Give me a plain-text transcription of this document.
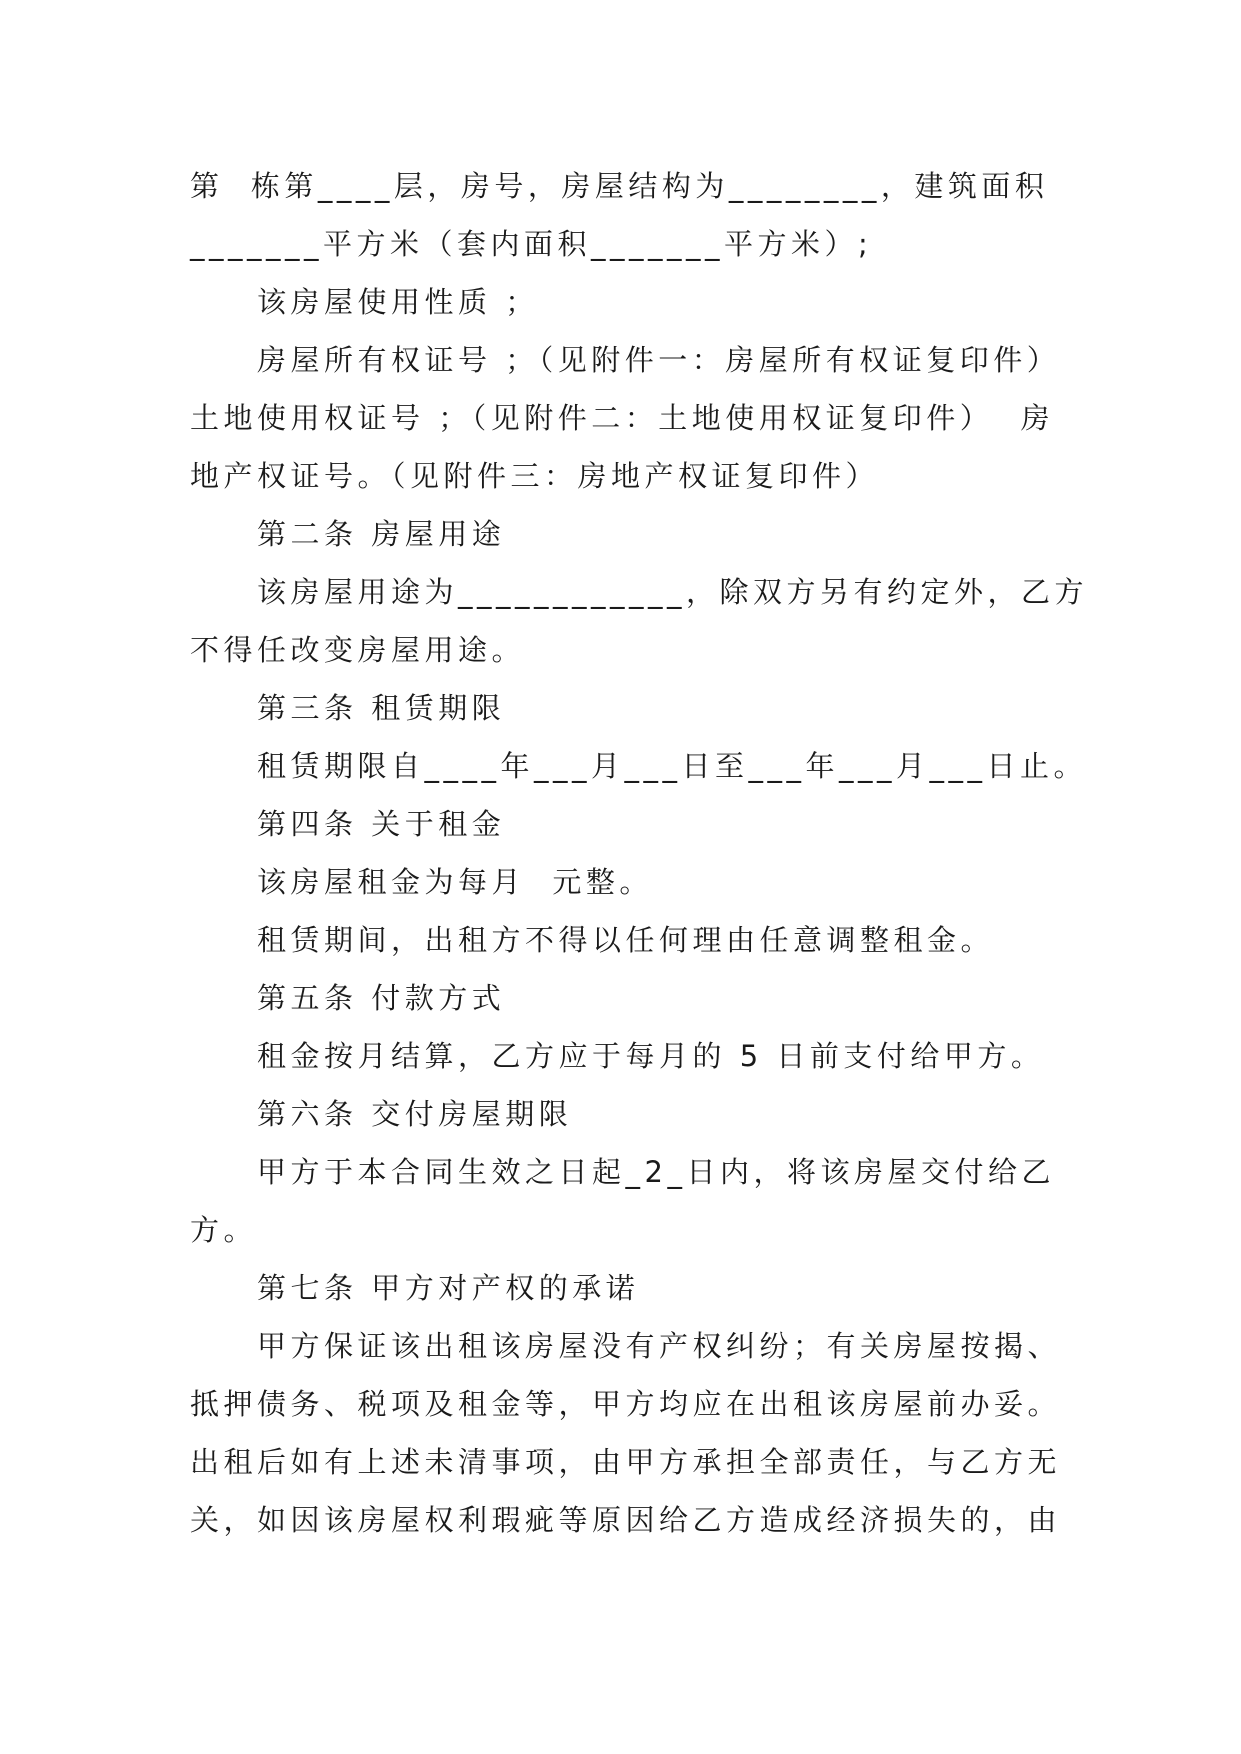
第  栋第____层，房号，房屋结构为________，建筑面积
_______平方米（套内面积_______平方米）;
该房屋使用性质 ；
房屋所有权证号 ；（见附件一：房屋所有权证复印件）
土地使用权证号 ；（见附件二：土地使用权证复印件）  房
地产权证号。（见附件三：房地产权证复印件）
第二条 房屋用途
该房屋用途为____________，除双方另有约定外，乙方
不得任改变房屋用途。
第三条 租赁期限
租赁期限自____年___月___日至___年___月___日止。
第四条 关于租金
该房屋租金为每月  元整。
租赁期间，出租方不得以任何理由任意调整租金。
第五条 付款方式
租金按月结算，乙方应于每月的 5 日前支付给甲方。
第六条 交付房屋期限
甲方于本合同生效之日起_2_日内，将该房屋交付给乙
方。
第七条 甲方对产权的承诺
甲方保证该出租该房屋没有产权纠纷；有关房屋按揭、
抵押债务、税项及租金等，甲方均应在出租该房屋前办妥。
出租后如有上述未清事项，由甲方承担全部责任，与乙方无
关，如因该房屋权利瑕疵等原因给乙方造成经济损失的，由
